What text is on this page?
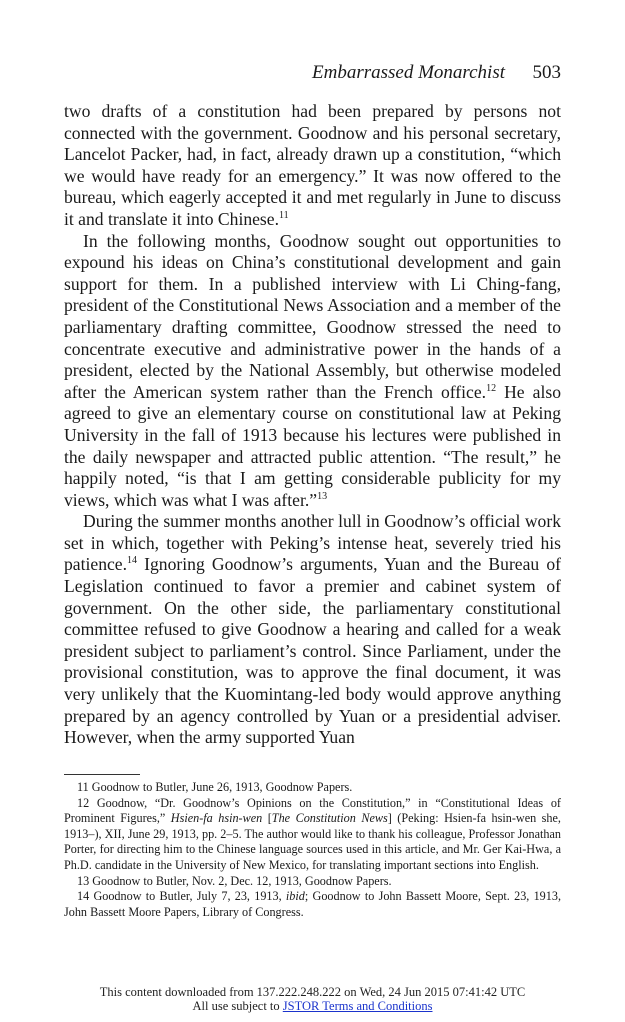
Embarrassed Monarchist 503

two drafts of a constitution had been prepared by persons not connected with the government. Goodnow and his personal secretary, Lancelot Packer, had, in fact, already drawn up a constitution, “which we would have ready for an emergency.” It was now offered to the bureau, which eagerly accepted it and met regularly in June to discuss it and translate it into Chinese.$^{11}$

In the following months, Goodnow sought out opportunities to expound his ideas on China’s constitutional development and gain support for them. In a published interview with Li Ching-fang, president of the Constitutional News Association and a member of the parliamentary drafting committee, Goodnow stressed the need to concentrate executive and administrative power in the hands of a president, elected by the National Assembly, but otherwise modeled after the American system rather than the French office.$^{12}$ He also agreed to give an elementary course on constitutional law at Peking University in the fall of 1913 because his lectures were published in the daily newspaper and attracted public attention. “The result,” he happily noted, “is that I am getting considerable publicity for my views, which was what I was after.”$^{13}$

During the summer months another lull in Goodnow’s official work set in which, together with Peking’s intense heat, severely tried his patience.$^{14}$ Ignoring Goodnow’s arguments, Yuan and the Bureau of Legislation continued to favor a premier and cabinet system of government. On the other side, the parliamentary constitutional committee refused to give Goodnow a hearing and called for a weak president subject to parliament’s control. Since Parliament, under the provisional constitution, was to approve the final document, it was very unlikely that the Kuomintang-led body would approve anything prepared by an agency controlled by Yuan or a presidential adviser. However, when the army supported Yuan

11 Goodnow to Butler, June 26, 1913, Goodnow Papers.

12 Goodnow, “Dr. Goodnow’s Opinions on the Constitution,” in “Constitutional Ideas of Prominent Figures,” Hsien-fa hsin-wen [The Constitution News] (Peking: Hsien-fa hsin-wen she, 1913–), XII, June 29, 1913, pp. 2–5. The author would like to thank his colleague, Professor Jonathan Porter, for directing him to the Chinese language sources used in this article, and Mr. Ger Kai-Hwa, a Ph.D. candidate in the University of New Mexico, for translating important sections into English.

13 Goodnow to Butler, Nov. 2, Dec. 12, 1913, Goodnow Papers.

14 Goodnow to Butler, July 7, 23, 1913, ibid; Goodnow to John Bassett Moore, Sept. 23, 1913, John Bassett Moore Papers, Library of Congress.

This content downloaded from 137.222.248.222 on Wed, 24 Jun 2015 07:41:42 UTC
All use subject to JSTOR Terms and Conditions
